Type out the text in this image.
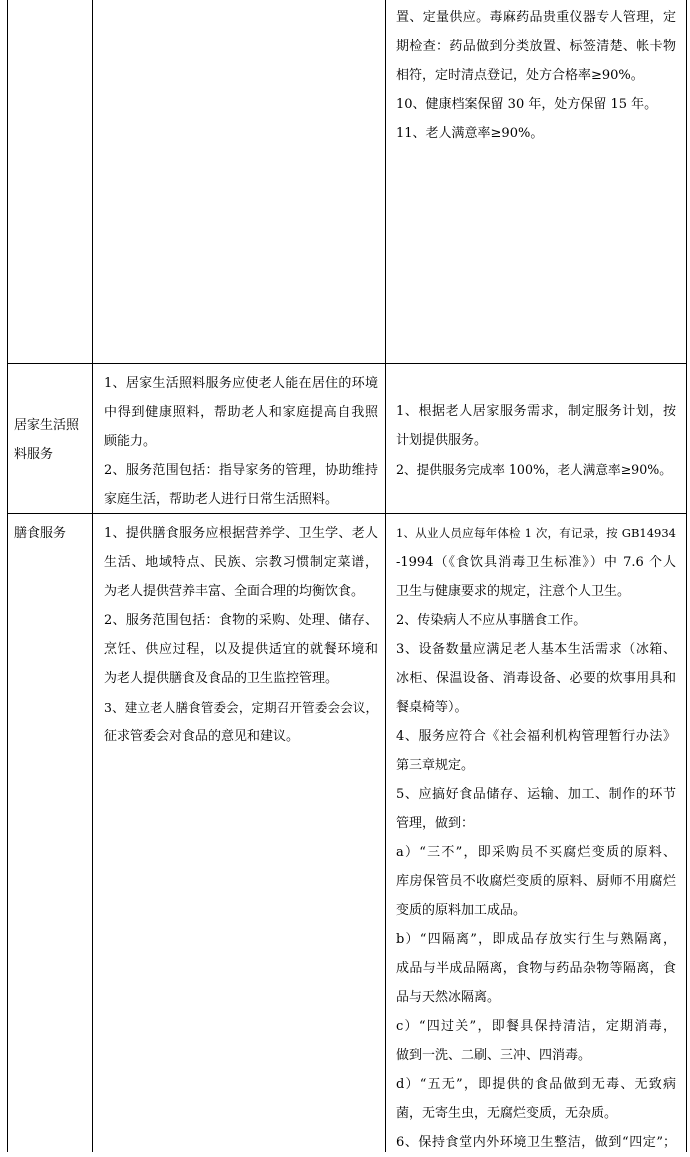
置、定量供应。毒麻药品贵重仪器专人管理，定

期检查：药品做到分类放置、标签清楚、帐卡物

相符，定时清点登记，处方合格率≥90%。

10、健康档案保留 30 年，处方保留 15 年。

11、老人满意率≥90%。

居家生活照

料服务

1、居家生活照料服务应使老人能在居住的环境

中得到健康照料，帮助老人和家庭提高自我照

顾能力。

2、服务范围包括：指导家务的管理，协助维持

家庭生活，帮助老人进行日常生活照料。

1、根据老人居家服务需求，制定服务计划，按

计划提供服务。

2、提供服务完成率 100%，老人满意率≥90%。

膳食服务	1、提供膳食服务应根据营养学、卫生学、老人

生活、地域特点、民族、宗教习惯制定菜谱，

为老人提供营养丰富、全面合理的均衡饮食。

2、服务范围包括：食物的采购、处理、储存、

烹饪、供应过程，以及提供适宜的就餐环境和

为老人提供膳食及食品的卫生监控管理。

3、建立老人膳食管委会，定期召开管委会会议，

征求管委会对食品的意见和建议。

1、从业人员应每年体检 1 次，有记录，按 GB14934

-1994（《食饮具消毒卫生标准》）中 7.6 个人

卫生与健康要求的规定，注意个人卫生。

2、传染病人不应从事膳食工作。

3、设备数量应满足老人基本生活需求（冰箱、

冰柜、保温设备、消毒设备、必要的炊事用具和

餐桌椅等）。

4、服务应符合《社会福利机构管理暂行办法》

第三章规定。

5、应搞好食品储存、运输、加工、制作的环节

管理，做到：

a）“三不”，即采购员不买腐烂变质的原料、

库房保管员不收腐烂变质的原料、厨师不用腐烂

变质的原料加工成品。

b）“四隔离”，即成品存放实行生与熟隔离，

成品与半成品隔离，食物与药品杂物等隔离，食

品与天然冰隔离。

c）“四过关”，即餐具保持清洁，定期消毒，

做到一洗、二刷、三冲、四消毒。

d）“五无”，即提供的食品做到无毒、无致病

菌，无寄生虫，无腐烂变质，无杂质。

6、保持食堂内外环境卫生整洁，做到“四定”；
